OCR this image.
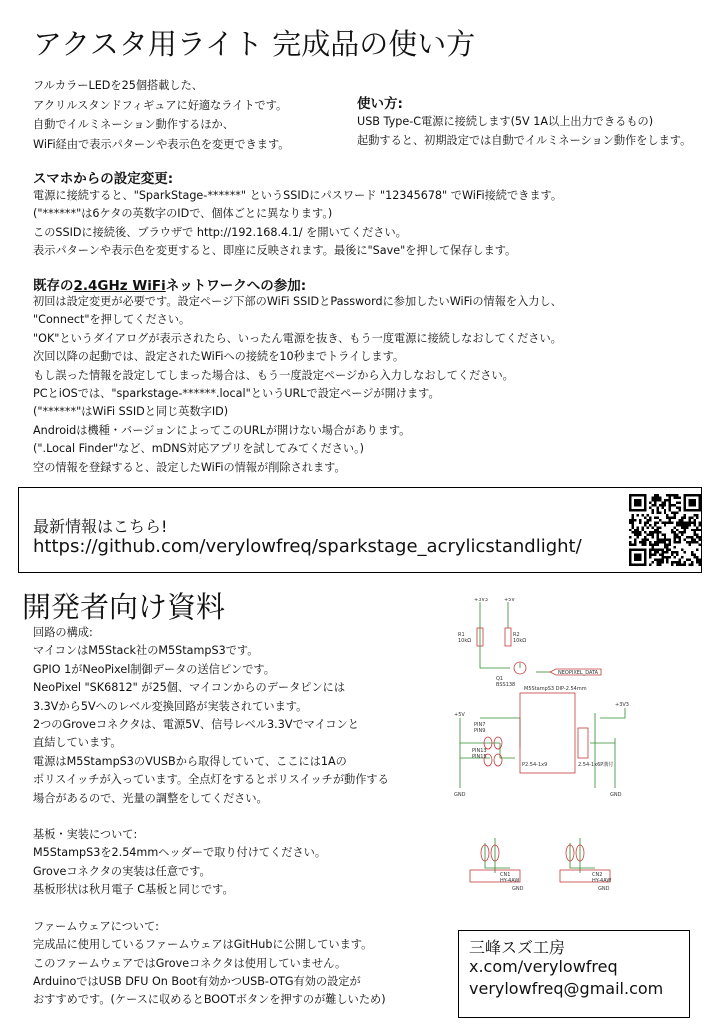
アクスタ用ライト 完成品の使い方
フルカラーLEDを25個搭載した、
アクリルスタンドフィギュアに好適なライトです。
自動でイルミネーション動作するほか、
WiFi経由で表示パターンや表示色を変更できます。
使い方:
USB Type-C電源に接続します(5V 1A以上出力できるもの)
起動すると、初期設定では自動でイルミネーション動作をします。
スマホからの設定変更:
電源に接続すると、"SparkStage-******" というSSIDにパスワード "12345678" でWiFi接続できます。
("******"は6ケタの英数字のIDで、個体ごとに異なります。)
このSSIDに接続後、ブラウザで http://192.168.4.1/ を開いてください。
表示パターンや表示色を変更すると、即座に反映されます。最後に"Save"を押して保存します。
既存の2.4GHz WiFiネットワークへの参加:
初回は設定変更が必要です。設定ページ下部のWiFi SSIDとPasswordに参加したいWiFiの情報を入力し、
"Connect"を押してください。
"OK"というダイアログが表示されたら、いったん電源を抜き、もう一度電源に接続しなおしてください。
次回以降の起動では、設定されたWiFiへの接続を10秒までトライします。
もし誤った情報を設定してしまった場合は、もう一度設定ページから入力しなおしてください。
PCとiOSでは、"sparkstage-******.local"というURLで設定ページが開けます。
("******"はWiFi SSIDと同じ英数字ID)
Androidは機種・バージョンによってこのURLが開けない場合があります。
(".Local Finder"など、mDNS対応アプリを試してみてください。)
空の情報を登録すると、設定したWiFiの情報が削除されます。
最新情報はこちら!
https://github.com/verylowfreq/sparkstage_acrylicstandlight/
開発者向け資料
回路の構成:
マイコンはM5Stack社のM5StampS3です。
GPIO 1がNeoPixel制御データの送信ピンです。
NeoPixel "SK6812" が25個、マイコンからのデータピンには
3.3Vから5Vへのレベル変換回路が実装されています。
2つのGroveコネクタは、電源5V、信号レベル3.3Vでマイコンと
直結しています。
電源はM5StampS3のVUSBから取得していて、ここには1Aの
ポリスイッチが入っています。全点灯をするとポリスイッチが動作する
場合があるので、光量の調整をしてください。
基板・実装について:
M5StampS3を2.54mmヘッダーで取り付けてください。
Groveコネクタの実装は任意です。
基板形状は秋月電子 C基板と同じです。
ファームウェアについて:
完成品に使用しているファームウェアはGitHubに公開しています。
このファームウェアではGroveコネクタは使用していません。
ArduinoではUSB DFU On Boot有効かつUSB-OTG有効の設定が
おすすめです。(ケースに収めるとBOOTボタンを押すのが難しいため)
+3V3	+5V
R1
10kΩ
R2
10kΩ
Q1
BSS138
NEOPIXEL_DATA
M5StampS3 DIP-2.54mm
+5V
+3V3
PIN7
PIN9
PIN13
PIN15
GND	GND
2.54-1x6P溝付
P2.54-1x9
CN1
HY-4AW
CN2
HY-4AW
GND	GND
三峰スズ工房
x.com/verylowfreq
verylowfreq@gmail.com
